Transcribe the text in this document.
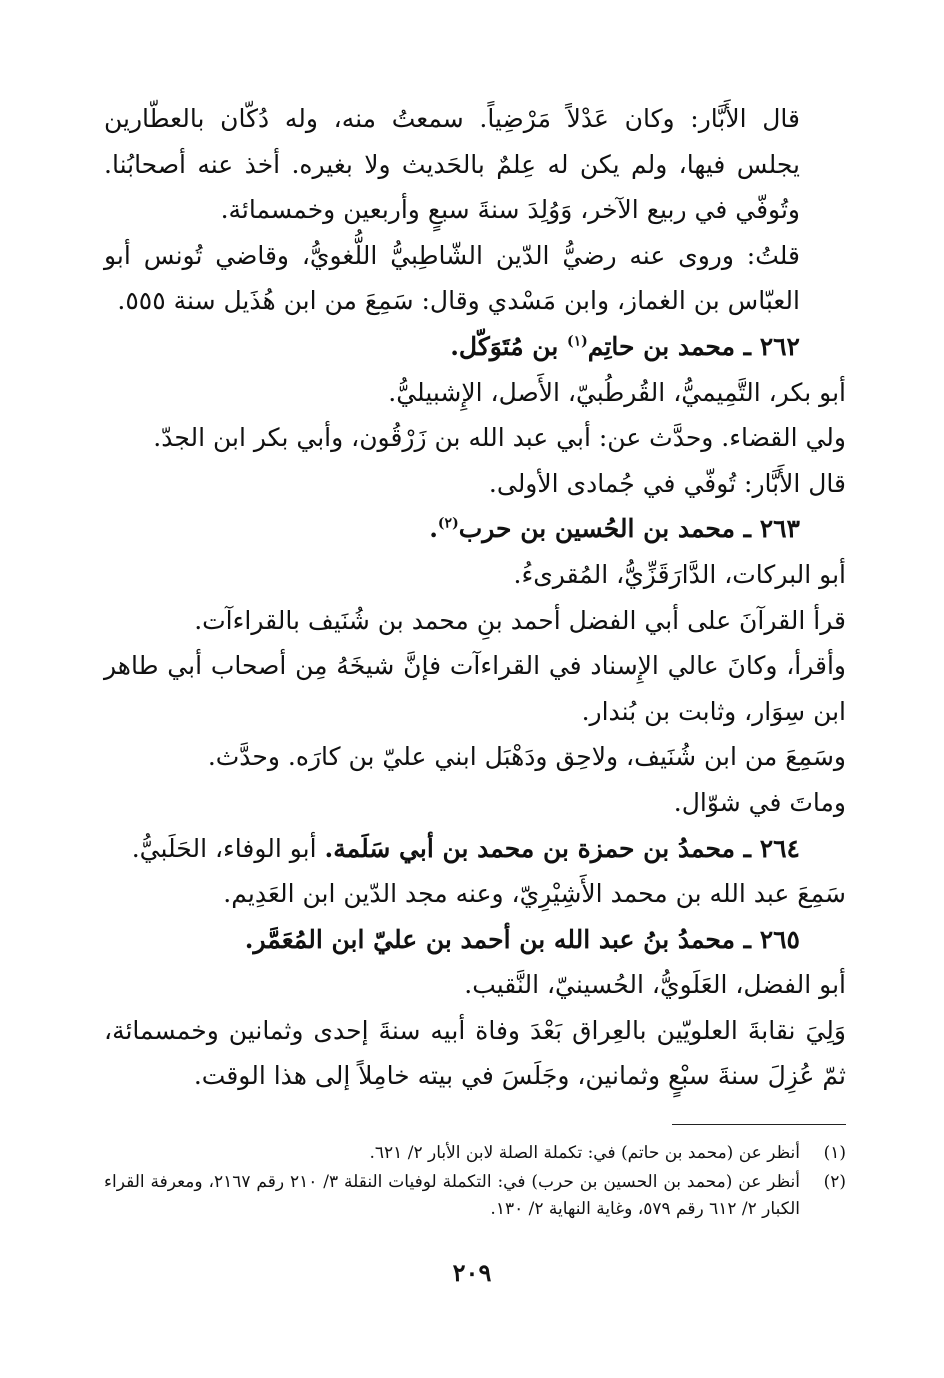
قال الأَبَّار: وكان عَدْلاً مَرْضِياً. سمعتُ منه، وله دُكّان بالعطّارين يجلس فيها، ولم يكن له عِلمٌ بالحَديث ولا بغيره. أخذ عنه أصحابُنا. وتُوفّي في ربيع الآخر، وَوُلِدَ سنةَ سبعٍ وأربعين وخمسمائة.

قلتُ: وروى عنه رضيُّ الدّين الشّاطِبيُّ اللُّغويُّ، وقاضي تُونس أبو العبّاس بن الغماز، وابن مَسْدي وقال: سَمِعَ من ابن هُذَيل سنة ٥٥٥.

٢٦٢ ـ محمد بن حاتِم$^{(١)}$ بن مُتَوَكّل.

أبو بكر، التَّمِيميُّ، القُرطُبيّ، الأَصل، الإِشبيليُّ.

ولي القضاء. وحدَّث عن: أبي عبد الله بن زَرْقُون، وأبي بكر ابن الجدّ.

قال الأَبَّار: تُوفّي في جُمادى الأولى.

٢٦٣ ـ محمد بن الحُسين بن حرب$^{(٢)}$.

أبو البركات، الدَّارَقَزِّيُّ، المُقرىءُ.

قرأ القرآنَ على أبي الفضل أحمد بنِ محمد بن شُنَيف بالقراءآت.

وأقرأ، وكانَ عالي الإِسناد في القراءآت فإنَّ شيخَهُ مِن أصحاب أبي طاهر ابن سِوَار، وثابت بن بُندار.

وسَمِعَ من ابن شُنَيف، ولاحِق ودَهْبَل ابني عليّ بن كارَه. وحدَّث.

وماتَ في شوّال.

٢٦٤ ـ محمدُ بن حمزة بن محمد بن أبي سَلَمة. أبو الوفاء، الحَلَبيُّ.

سَمِعَ عبد الله بن محمد الأَشِيْرِيّ، وعنه مجد الدّين ابن العَدِيم.

٢٦٥ ـ محمدُ بنُ عبد الله بن أحمد بن عليّ ابن المُعَمَّر.

أبو الفضل، العَلَويُّ، الحُسينيّ، النَّقيب.

وَلِيَ نقابةَ العلويّين بالعِراق بَعْدَ وفاة أبيه سنةَ إحدى وثمانين وخمسمائة، ثمّ عُزِلَ سنةَ سبْعٍ وثمانين، وجَلَسَ في بيته خامِلاً إلى هذا الوقت.

(١)
أنظر عن (محمد بن حاتم) في: تكملة الصلة لابن الأبار ٢/ ٦٢١.
(٢)
أنظر عن (محمد بن الحسين بن حرب) في: التكملة لوفيات النقلة ٣/ ٢١٠ رقم ٢١٦٧، ومعرفة القراء الكبار ٢/ ٦١٢ رقم ٥٧٩، وغاية النهاية ٢/ ١٣٠.
٢٠٩
